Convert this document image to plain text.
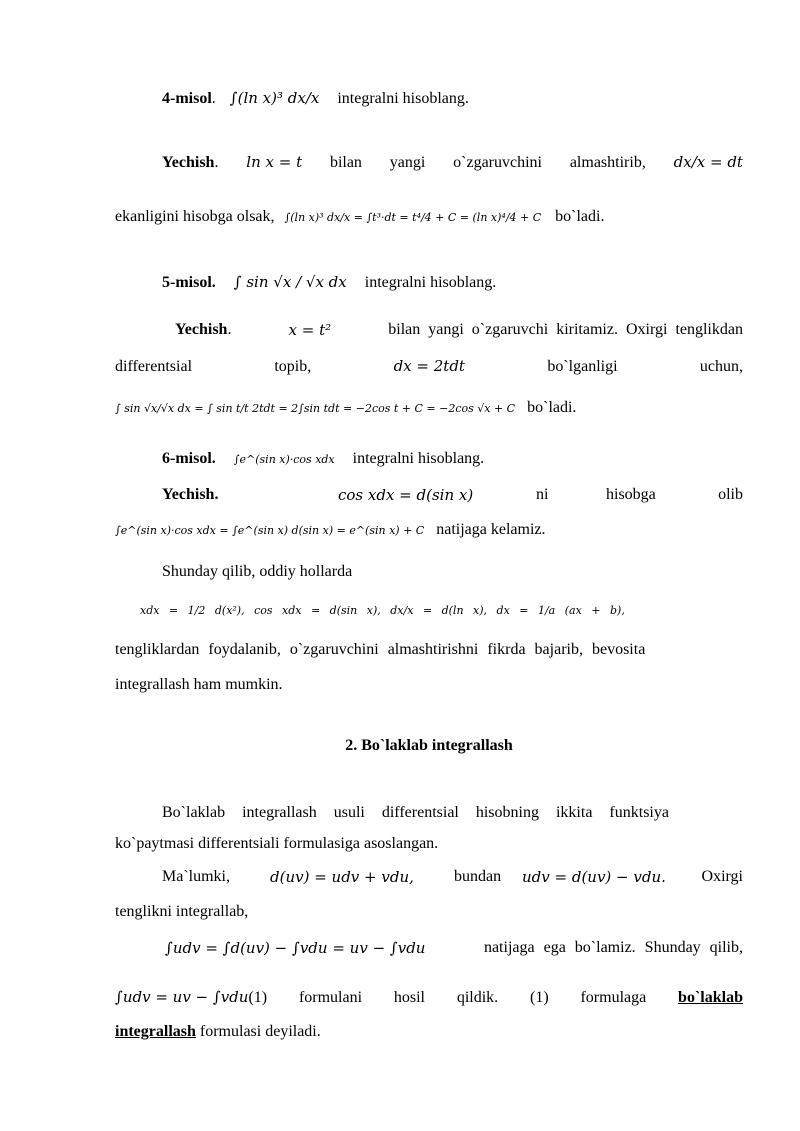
4-misol. ∫(ln x)³ dx/x integralni hisoblang.
Yechish. ln x = t bilan yangi o`zgaruvchini almashtirib, dx/x = dt
ekanligini hisobga olsak, ∫(ln x)³ dx/x = ∫t³·dt = t⁴/4 + C = (ln x)⁴/4 + C bo`ladi.
5-misol. ∫ sin √x / √x dx integralni hisoblang.
Yechish.	x = t²	bilan yangi o`zgaruvchi kiritamiz. Oxirgi tenglikdan
differentsial	topib,	dx = 2tdt	bo`lganligi	uchun,
∫ sin √x/√x dx = ∫ sin t/t 2tdt = 2∫sin tdt = −2cos t + C = −2cos √x + C bo`ladi.
6-misol. ∫e^(sin x)·cos xdx integralni hisoblang.
Yechish.	cos xdx = d(sin x)	ni	hisobga	olib
∫e^(sin x)·cos xdx = ∫e^(sin x) d(sin x) = e^(sin x) + C natijaga kelamiz.
Shunday qilib, oddiy hollarda
xdx = 1/2 d(x²), cos xdx = d(sin x), dx/x = d(ln x), dx = 1/a (ax + b),
tengliklardan foydalanib, o`zgaruvchini almashtirishni fikrda bajarib, bevosita
integrallash ham mumkin.
2. Bo`laklab integrallash
Bo`laklab integrallash usuli differentsial hisobning ikkita funktsiya
ko`paytmasi differentsiali formulasiga asoslangan.
Ma`lumki,	d(uv) = udv + vdu,	bundan udv = d(uv) − vdu. Oxirgi
tenglikni integrallab,
∫udv = ∫d(uv) − ∫vdu = uv − ∫vdu	natijaga ega bo`lamiz. Shunday qilib,
∫udv = uv − ∫vdu(1) formulani hosil qildik. (1) formulaga bo`laklab
integrallash formulasi deyiladi.
